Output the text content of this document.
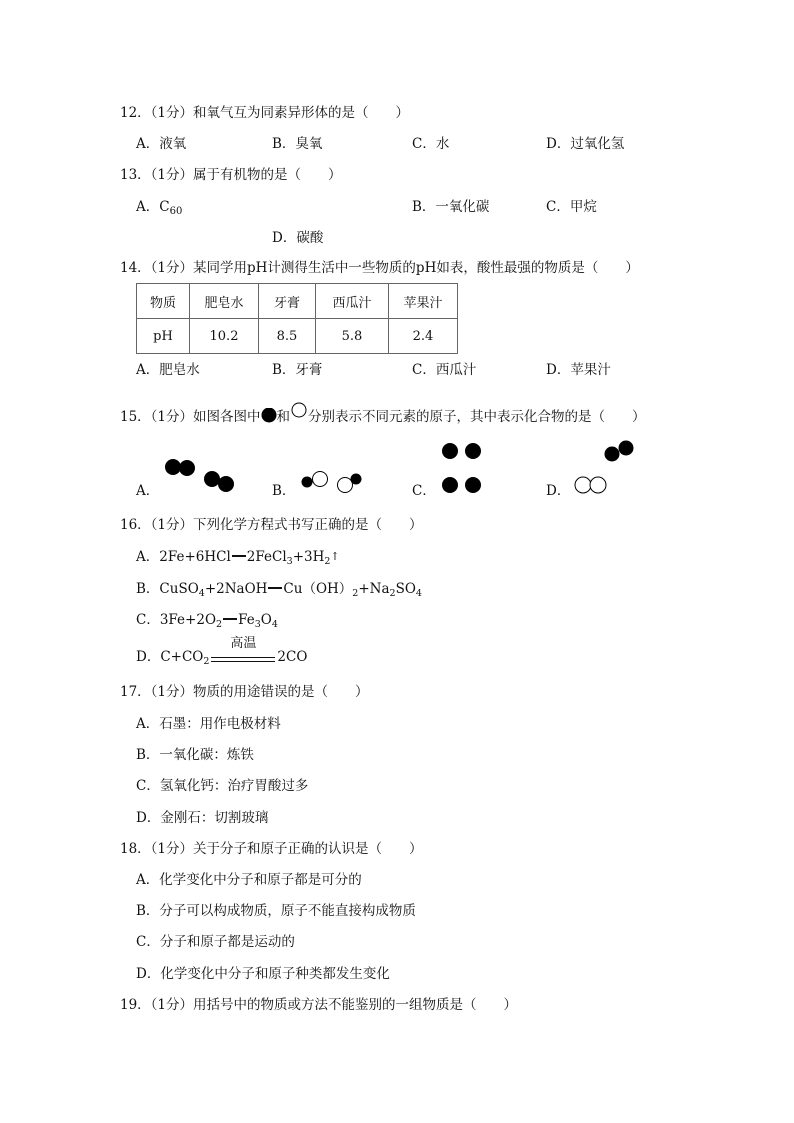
12．（1分）和氧气互为同素异形体的是（　　）
A．液氧	B．臭氧	C．水	D．过氧化氢
13．（1分）属于有机物的是（　　）
A．$C_{60}$	B．一氧化碳	C．甲烷
D．碳酸
14．（1分）某同学用pH计测得生活中一些物质的pH如表，酸性最强的物质是（　　）
物质	肥皂水	牙膏	西瓜汁	苹果汁
pH	10.2	8.5	5.8	2.4
A．肥皂水	B．牙膏	C．西瓜汁	D．苹果汁
15．（1分）如图各图中 和 分别表示不同元素的原子，其中表示化合物的是（　　）
A．	B．	C．	D．
16．（1分）下列化学方程式书写正确的是（　　）
A．2Fe+6HCl $2FeCl_3+3H_2↑$
B．CuSO$_4$+2NaOH $Cu(OH)_2+Na_2SO_4$
C．$3Fe+2O_2$ $Fe_3O_4$
D．$C+CO_2$
高温
2CO
17．（1分）物质的用途错误的是（　　）
A．石墨：用作电极材料
B．一氧化碳：炼铁
C．氢氧化钙：治疗胃酸过多
D．金刚石：切割玻璃
18．（1分）关于分子和原子正确的认识是（　　）
A．化学变化中分子和原子都是可分的
B．分子可以构成物质，原子不能直接构成物质
C．分子和原子都是运动的
D．化学变化中分子和原子种类都发生变化
19．（1分）用括号中的物质或方法不能鉴别的一组物质是（　　）
